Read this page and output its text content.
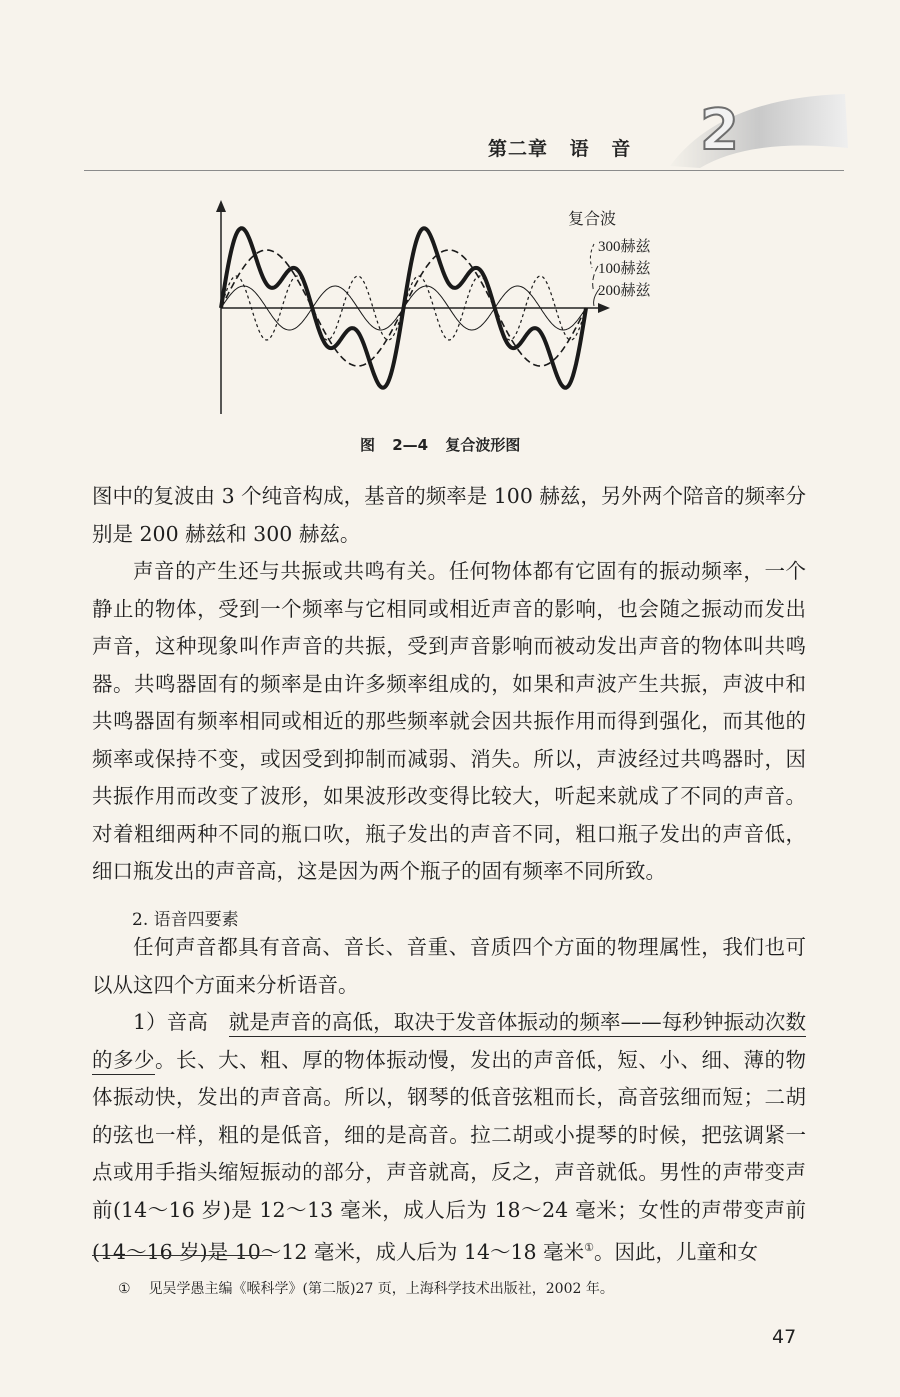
2
第二章 语 音
复合波
300赫兹
100赫兹
200赫兹
图 2—4 复合波形图

图中的复波由 3 个纯音构成，基音的频率是 100 赫兹，另外两个陪音的频率分别是 200 赫兹和 300 赫兹。

声音的产生还与共振或共鸣有关。任何物体都有它固有的振动频率，一个静止的物体，受到一个频率与它相同或相近声音的影响，也会随之振动而发出声音，这种现象叫作声音的共振，受到声音影响而被动发出声音的物体叫共鸣器。共鸣器固有的频率是由许多频率组成的，如果和声波产生共振，声波中和共鸣器固有频率相同或相近的那些频率就会因共振作用而得到强化，而其他的频率或保持不变，或因受到抑制而减弱、消失。所以，声波经过共鸣器时，因共振作用而改变了波形，如果波形改变得比较大，听起来就成了不同的声音。对着粗细两种不同的瓶口吹，瓶子发出的声音不同，粗口瓶子发出的声音低，细口瓶发出的声音高，这是因为两个瓶子的固有频率不同所致。

2. 语音四要素

任何声音都具有音高、音长、音重、音质四个方面的物理属性，我们也可以从这四个方面来分析语音。

1）音高　 就是声音的高低，取决于发音体振动的频率——每秒钟振动次数的多少。长、大、粗、厚的物体振动慢，发出的声音低，短、小、细、薄的物体振动快，发出的声音高。所以，钢琴的低音弦粗而长，高音弦细而短；二胡的弦也一样，粗的是低音，细的是高音。拉二胡或小提琴的时候，把弦调紧一点或用手指头缩短振动的部分，声音就高，反之，声音就低。男性的声带变声前(14～16 岁)是 12～13 毫米，成人后为 18～24 毫米；女性的声带变声前(14～16 岁)是 10～12 毫米，成人后为 14～18 毫米①。因此，儿童和女

① 见吴学愚主编《喉科学》(第二版)27 页，上海科学技术出版社，2002 年。
47
